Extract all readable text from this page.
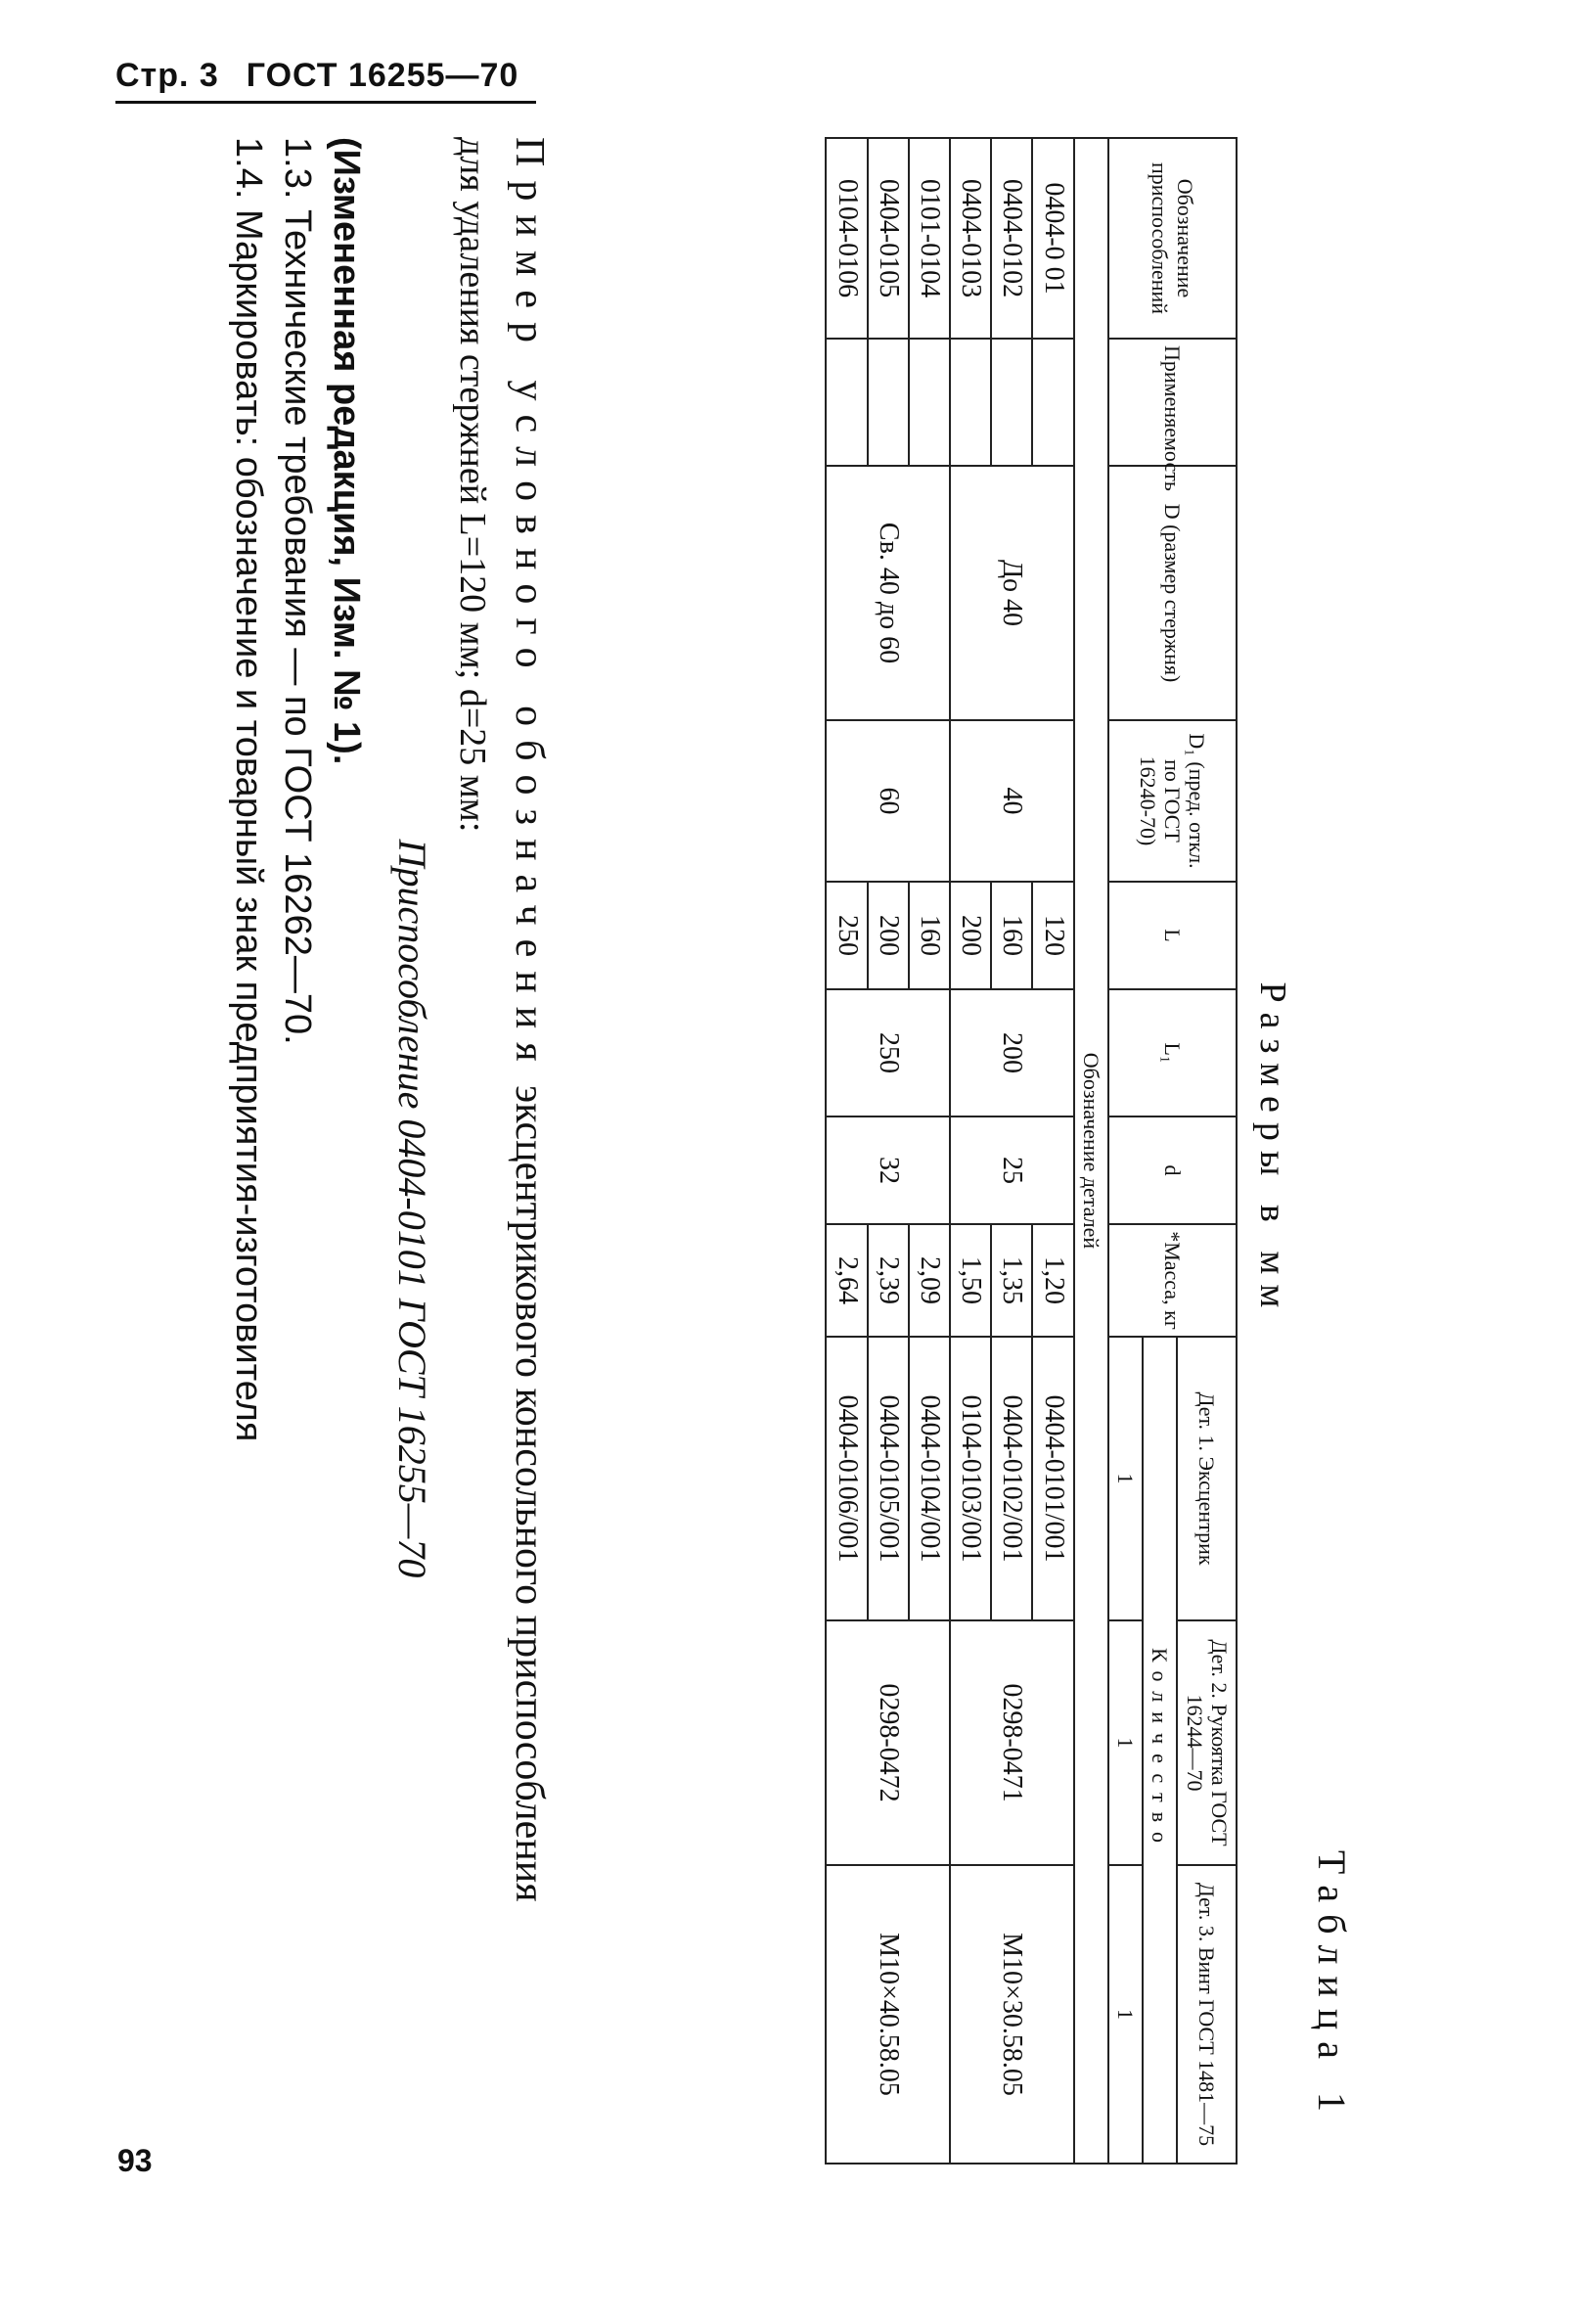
Стр. 3 ГОСТ 16255—70
93
Таблица 1
Размеры в мм
Обозначение приспособлений	Применяемость	D (размер стержня)	D₁ (пред. откл. по ГОСТ 16240-70)	L	L₁	d	*Масса, кг	Дет. 1. Эксцентрик	Дет. 2. Рукоятка ГОСТ 16244—70	Дет. 3. Винт ГОСТ 1481—75
								Количество		
								1	1	1
Обозначение деталей										
0404-0 01		До 40	40	120	200	25	1,20	0404-0101/001	0298-0471	M10×30.58.05
0404-0102				160			1,35	0404-0102/001		
0404-0103				200			1,50	0104-0103/001		
0101-0104		Св. 40 до 60	60	160	250	32	2,09	0404-0104/001	0298-0472	M10×40.58.05
0404-0105				200			2,39	0404-0105/001		
0104-0106				250			2,64	0404-0106/001		
Пример условного обозначения эксцентрикового консольного приспособления
для удаления стержней L=120 мм; d=25 мм:
Приспособление 0404-0101 ГОСТ 16255—70
(Измененная редакция, Изм. № 1).
1.3. Технические требования — по ГОСТ 16262—70.
1.4. Маркировать: обозначение и товарный знак предприятия-изготовителя
